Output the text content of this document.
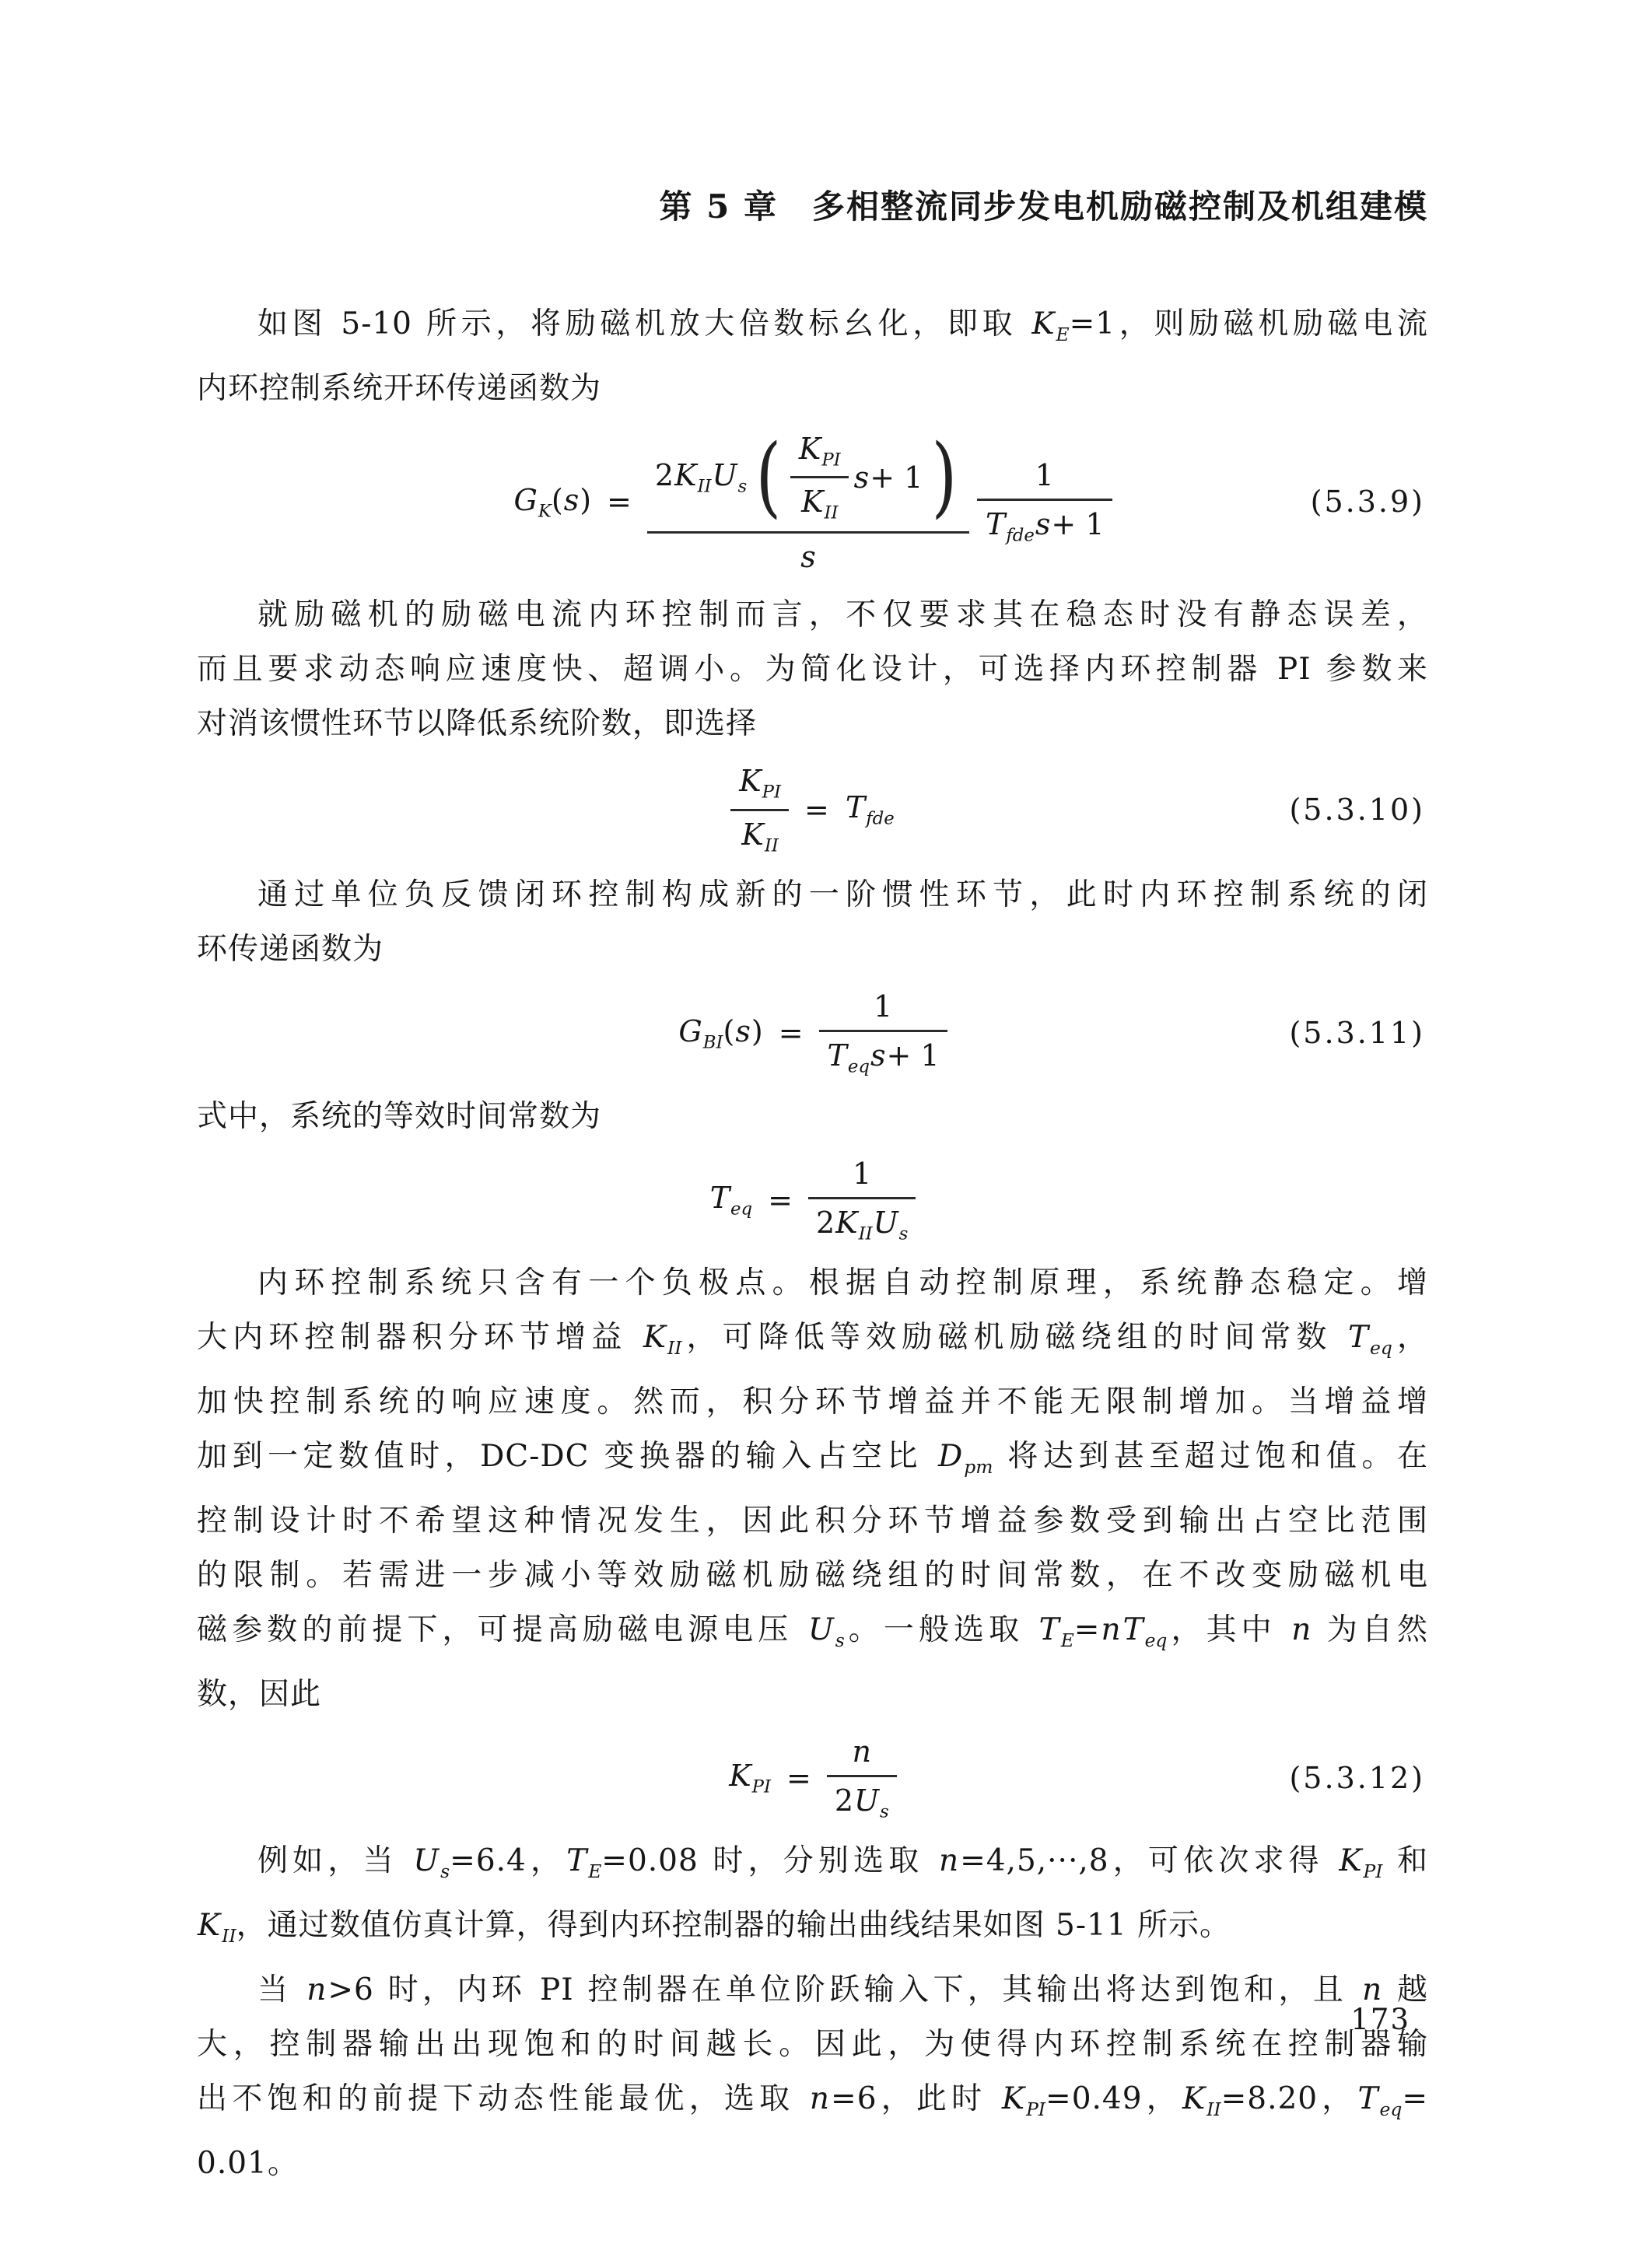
第 5 章　多相整流同步发电机励磁控制及机组建模
如图 5-10 所示，将励磁机放大倍数标幺化，即取 $K_E=1$，则励磁机励磁电流
内环控制系统开环传递函数为
$G_K(s)$ =
$2K_{II}U_s$ ( $\frac{K_{PI}}{K_{II}} s+ 1$ )
s
$\frac{1}{T_{fde}s+ 1}$	(5.3.9)
就励磁机的励磁电流内环控制而言，不仅要求其在稳态时没有静态误差，
而且要求动态响应速度快、超调小。为简化设计，可选择内环控制器 PI 参数来
对消该惯性环节以降低系统阶数，即选择
$\frac{K_{PI}}{K_{II}} = T_{fde}$	(5.3.10)
通过单位负反馈闭环控制构成新的一阶惯性环节，此时内环控制系统的闭
环传递函数为
$G_{BI}(s) = \frac{1}{T_{eq}s+ 1}$	(5.3.11)
式中，系统的等效时间常数为
$T_{eq} = \frac{1}{2K_{II}U_s}$
内环控制系统只含有一个负极点。根据自动控制原理，系统静态稳定。增
大内环控制器积分环节增益 $K_{II}$，可降低等效励磁机励磁绕组的时间常数 $T_{eq}$，
加快控制系统的响应速度。然而，积分环节增益并不能无限制增加。当增益增
加到一定数值时，DC-DC 变换器的输入占空比 $D_{pm}$ 将达到甚至超过饱和值。在
控制设计时不希望这种情况发生，因此积分环节增益参数受到输出占空比范围
的限制。若需进一步减小等效励磁机励磁绕组的时间常数，在不改变励磁机电
磁参数的前提下，可提高励磁电源电压 $U_s$。一般选取 $T_E=nT_{eq}$，其中 n 为自然
数，因此
$K_{PI} = \frac{n}{2U_s}$	(5.3.12)
例如，当 $U_s=6.4$，$T_E=0.08$ 时，分别选取 n=4,5,···,8，可依次求得 $K_{PI}$ 和
$K_{II}$，通过数值仿真计算，得到内环控制器的输出曲线结果如图 5-11 所示。
当 n>6 时，内环 PI 控制器在单位阶跃输入下，其输出将达到饱和，且 n 越
大，控制器输出出现饱和的时间越长。因此，为使得内环控制系统在控制器输
出不饱和的前提下动态性能最优，选取 n=6，此时 $K_{PI}=0.49$，$K_{II}=8.20$，$T_{eq}=$
0.01。
173
